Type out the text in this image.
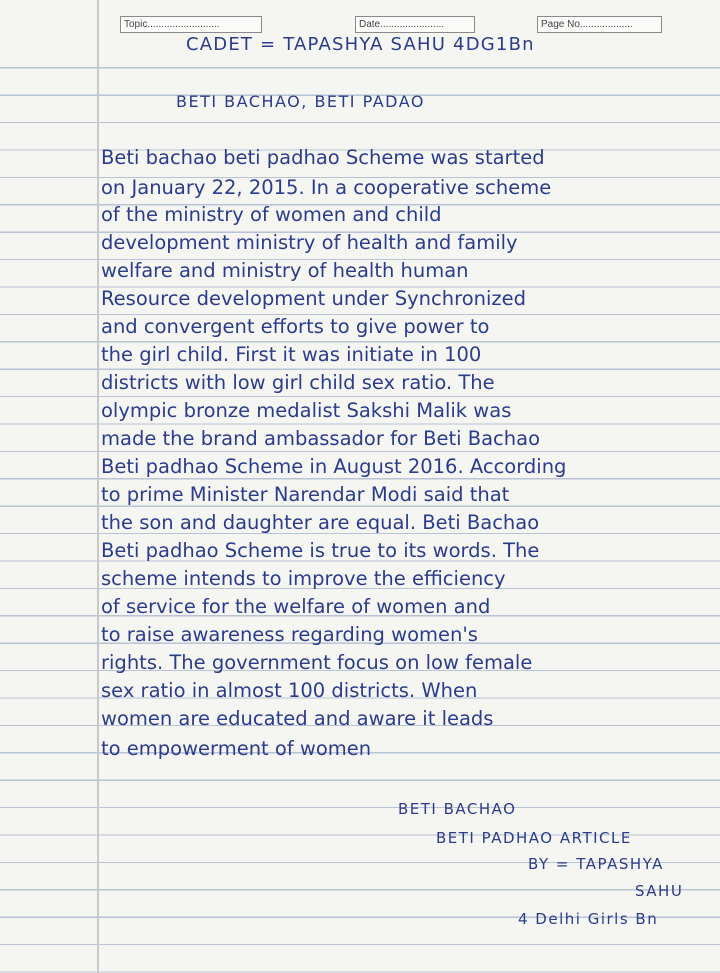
Topic..........................	Date.......................	Page No...................
CADET = TAPASHYA SAHU 4DG1Bn
BETI BACHAO, BETI PADAO
Beti bachao beti padhao Scheme was started
on January 22, 2015. In a cooperative scheme
of the ministry of women and child
development ministry of health and family
welfare and ministry of health human
Resource development under Synchronized
and convergent efforts to give power to
the girl child. First it was initiate in 100
districts with low girl child sex ratio. The
olympic bronze medalist Sakshi Malik was
made the brand ambassador for Beti Bachao
Beti padhao Scheme in August 2016. According
to prime Minister Narendar Modi said that
the son and daughter are equal. Beti Bachao
Beti padhao Scheme is true to its words. The
scheme intends to improve the efficiency
of service for the welfare of women and
to raise awareness regarding women's
rights. The government focus on low female
sex ratio in almost 100 districts. When
women are educated and aware it leads
to empowerment of women
BETI BACHAO
BETI PADHAO ARTICLE
BY = TAPASHYA
SAHU
4 Delhi Girls Bn
